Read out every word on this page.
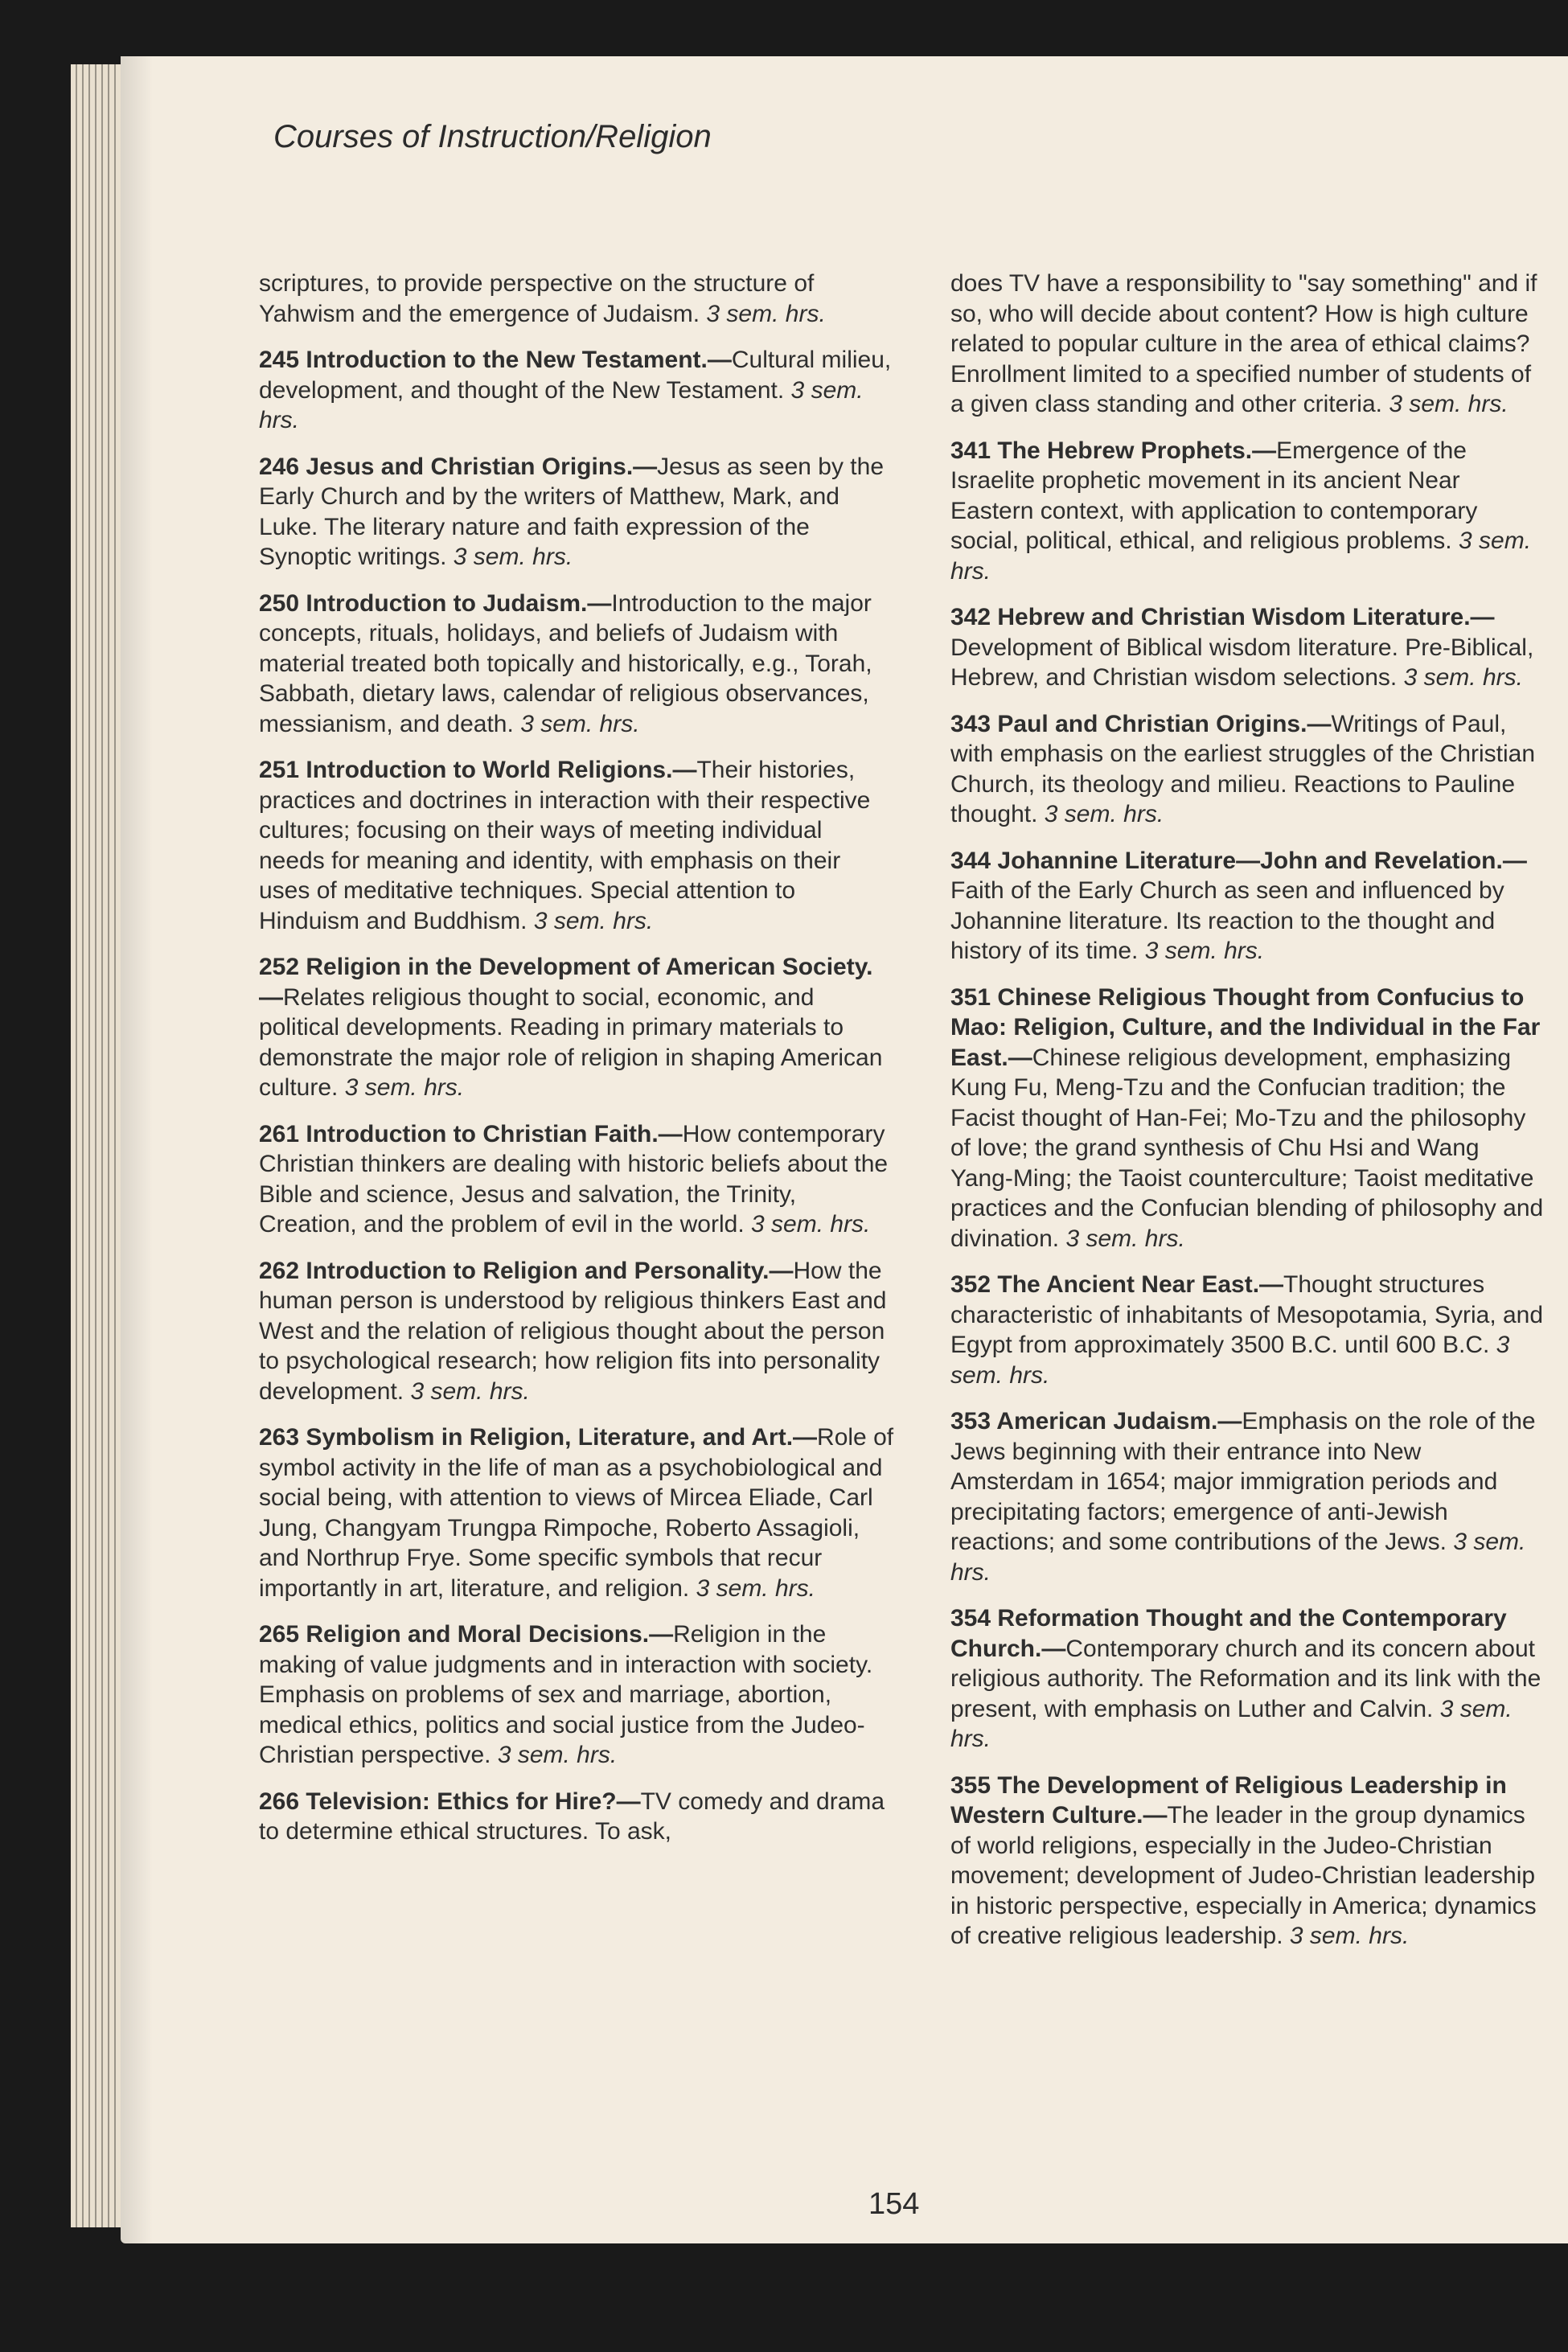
Courses of Instruction/Religion

scriptures, to provide perspective on the structure of Yahwism and the emergence of Judaism. 3 sem. hrs.

245 Introduction to the New Testament.—Cultural milieu, development, and thought of the New Testament. 3 sem. hrs.

246 Jesus and Christian Origins.—Jesus as seen by the Early Church and by the writers of Matthew, Mark, and Luke. The literary nature and faith expression of the Synoptic writings. 3 sem. hrs.

250 Introduction to Judaism.—Introduction to the major concepts, rituals, holidays, and beliefs of Judaism with material treated both topically and historically, e.g., Torah, Sabbath, dietary laws, calendar of religious observances, messianism, and death. 3 sem. hrs.

251 Introduction to World Religions.—Their histories, practices and doctrines in interaction with their respective cultures; focusing on their ways of meeting individual needs for meaning and identity, with emphasis on their uses of meditative techniques. Special attention to Hinduism and Buddhism. 3 sem. hrs.

252 Religion in the Development of American Society.—Relates religious thought to social, economic, and political developments. Reading in primary materials to demonstrate the major role of religion in shaping American culture. 3 sem. hrs.

261 Introduction to Christian Faith.—How contemporary Christian thinkers are dealing with historic beliefs about the Bible and science, Jesus and salvation, the Trinity, Creation, and the problem of evil in the world. 3 sem. hrs.

262 Introduction to Religion and Personality.—How the human person is understood by religious thinkers East and West and the relation of religious thought about the person to psychological research; how religion fits into personality development. 3 sem. hrs.

263 Symbolism in Religion, Literature, and Art.—Role of symbol activity in the life of man as a psychobiological and social being, with attention to views of Mircea Eliade, Carl Jung, Changyam Trungpa Rimpoche, Roberto Assagioli, and Northrup Frye. Some specific symbols that recur importantly in art, literature, and religion. 3 sem. hrs.

265 Religion and Moral Decisions.—Religion in the making of value judgments and in interaction with society. Emphasis on problems of sex and marriage, abortion, medical ethics, politics and social justice from the Judeo-Christian perspective. 3 sem. hrs.

266 Television: Ethics for Hire?—TV comedy and drama to determine ethical structures. To ask,

does TV have a responsibility to "say something" and if so, who will decide about content? How is high culture related to popular culture in the area of ethical claims? Enrollment limited to a specified number of students of a given class standing and other criteria. 3 sem. hrs.

341 The Hebrew Prophets.—Emergence of the Israelite prophetic movement in its ancient Near Eastern context, with application to contemporary social, political, ethical, and religious problems. 3 sem. hrs.

342 Hebrew and Christian Wisdom Literature.—Development of Biblical wisdom literature. Pre-Biblical, Hebrew, and Christian wisdom selections. 3 sem. hrs.

343 Paul and Christian Origins.—Writings of Paul, with emphasis on the earliest struggles of the Christian Church, its theology and milieu. Reactions to Pauline thought. 3 sem. hrs.

344 Johannine Literature—John and Revelation.—Faith of the Early Church as seen and influenced by Johannine literature. Its reaction to the thought and history of its time. 3 sem. hrs.

351 Chinese Religious Thought from Confucius to Mao: Religion, Culture, and the Individual in the Far East.—Chinese religious development, emphasizing Kung Fu, Meng-Tzu and the Confucian tradition; the Facist thought of Han-Fei; Mo-Tzu and the philosophy of love; the grand synthesis of Chu Hsi and Wang Yang-Ming; the Taoist counterculture; Taoist meditative practices and the Confucian blending of philosophy and divination. 3 sem. hrs.

352 The Ancient Near East.—Thought structures characteristic of inhabitants of Mesopotamia, Syria, and Egypt from approximately 3500 B.C. until 600 B.C. 3 sem. hrs.

353 American Judaism.—Emphasis on the role of the Jews beginning with their entrance into New Amsterdam in 1654; major immigration periods and precipitating factors; emergence of anti-Jewish reactions; and some contributions of the Jews. 3 sem. hrs.

354 Reformation Thought and the Contemporary Church.—Contemporary church and its concern about religious authority. The Reformation and its link with the present, with emphasis on Luther and Calvin. 3 sem. hrs.

355 The Development of Religious Leadership in Western Culture.—The leader in the group dynamics of world religions, especially in the Judeo-Christian movement; development of Judeo-Christian leadership in historic perspective, especially in America; dynamics of creative religious leadership. 3 sem. hrs.

154
